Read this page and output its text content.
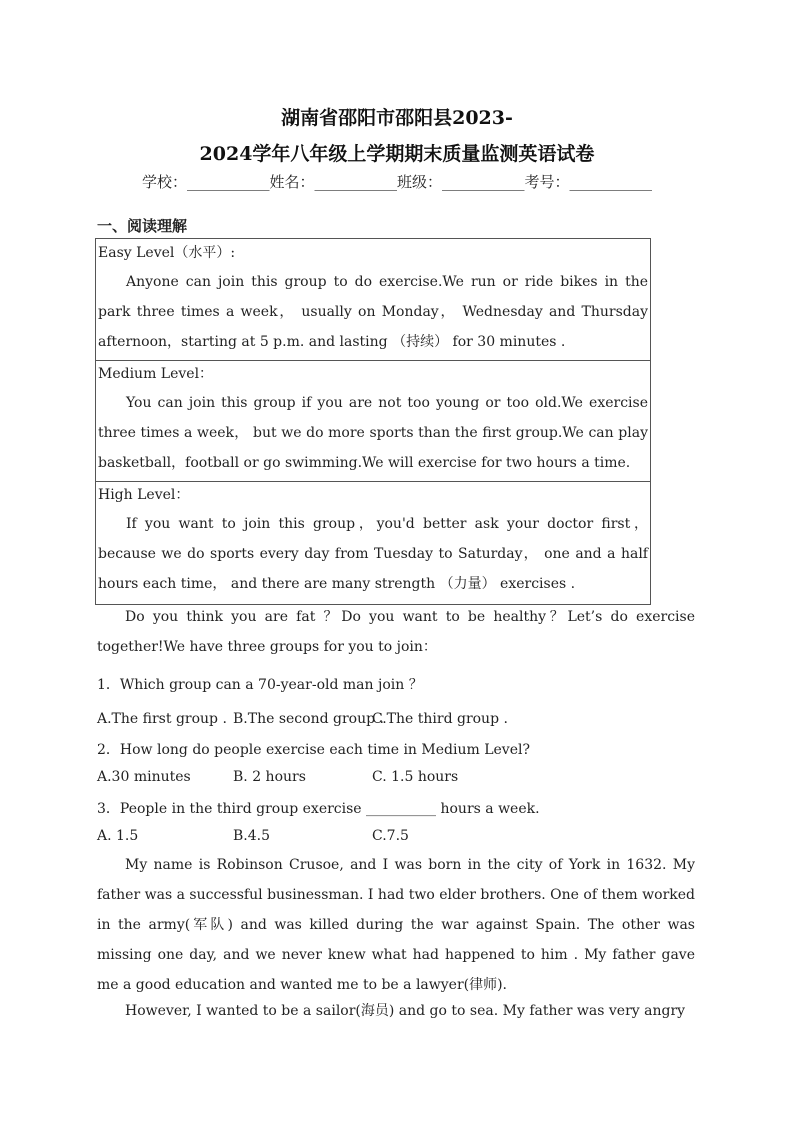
湖南省邵阳市邵阳县2023-
2024学年八年级上学期期末质量监测英语试卷
学校：___________姓名：___________班级：___________考号：___________
一、阅读理解
Easy Level（水平）:
Anyone can join this group to do exercise.We run or ride bikes in the park three times a week， usually on Monday， Wednesday and Thursday afternoon，starting at 5 p.m. and lasting （持续） for 30 minutes .
Medium Level：
You can join this group if you are not too young or too old.We exercise three times a week， but we do more sports than the first group.We can play basketball，football or go swimming.We will exercise for two hours a time.
High Level：
If you want to join this group，you'd better ask your doctor first，because we do sports every day from Tuesday to Saturday， one and a half hours each time， and there are many strength （力量） exercises .
Do you think you are fat ？Do you want to be healthy？Let’s do exercise together!We have three groups for you to join：
1．Which group can a 70-year-old man join ？
A.The first group . B.The second group .
C.The third group .
2．How long do people exercise each time in Medium Level?
A.30 minutes	B. 2 hours	C. 1.5 hours
3．People in the third group exercise __________ hours a week.
A. 1.5	B.4.5	C.7.5
My name is Robinson Crusoe, and I was born in the city of York in 1632. My father was a successful businessman. I had two elder brothers. One of them worked in the army(军队) and was killed during the war against Spain. The other was missing one day, and we never knew what had happened to him . My father gave me a good education and wanted me to be a lawyer(律师).
However, I wanted to be a sailor(海员) and go to sea. My father was very angry
